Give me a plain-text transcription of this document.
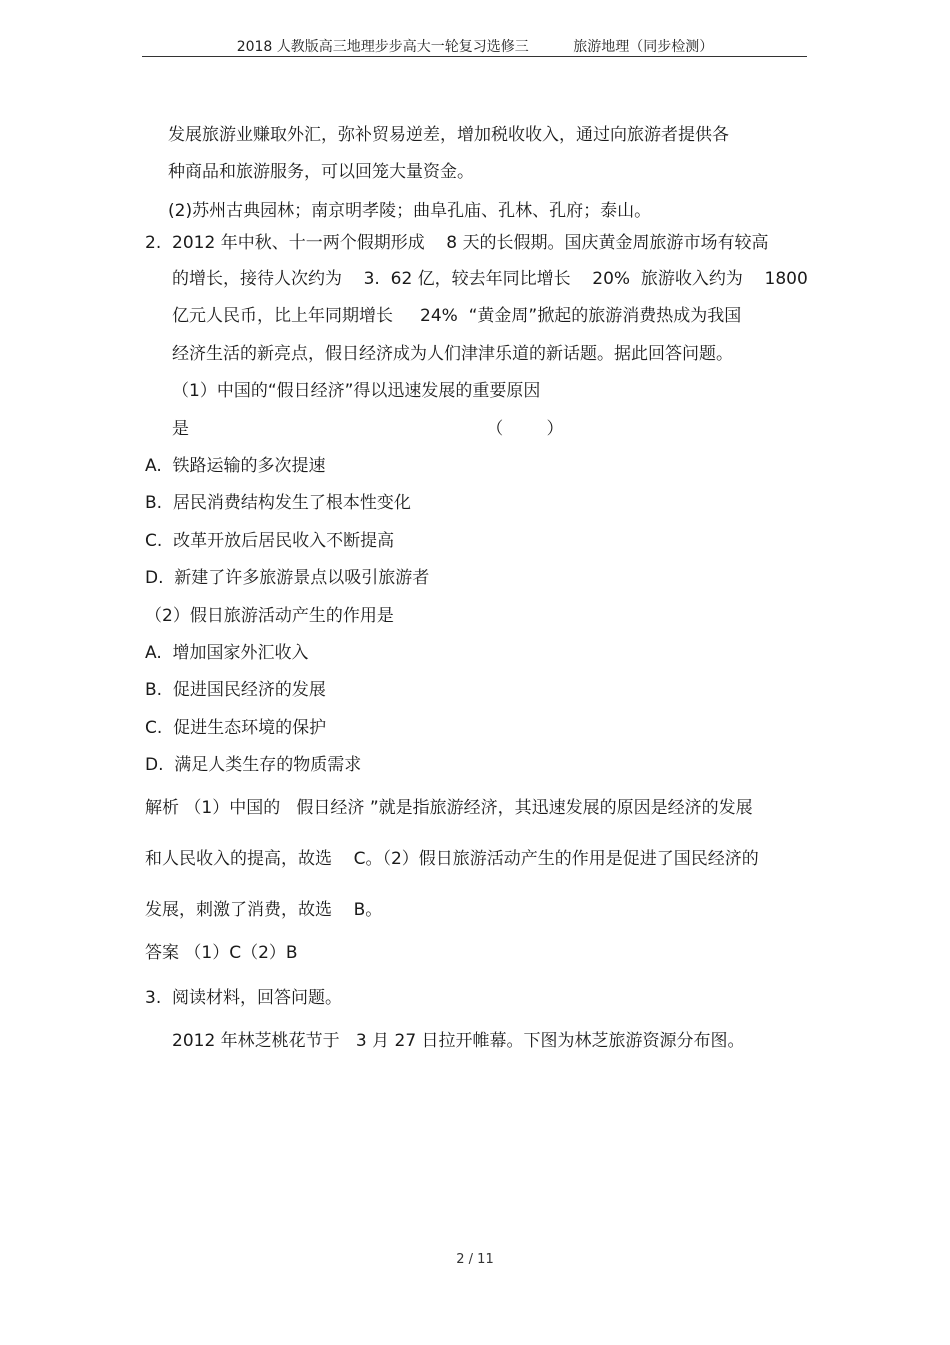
2018 人教版高三地理步步高大一轮复习选修三          旅游地理（同步检测）
发展旅游业赚取外汇，弥补贸易逆差，增加税收收入，通过向旅游者提供各
种商品和旅游服务，可以回笼大量资金。
(2)苏州古典园林；南京明孝陵；曲阜孔庙、孔林、孔府；泰山。
2.  2012 年中秋、十一两个假期形成    8 天的长假期。国庆黄金周旅游市场有较高
的增长，接待人次约为    3.  62 亿，较去年同比增长    20%  旅游收入约为    1800
亿元人民币，比上年同期增长     24%  “黄金周”掀起的旅游消费热成为我国
经济生活的新亮点，假日经济成为人们津津乐道的新话题。据此回答问题。
（1）中国的“假日经济”得以迅速发展的重要原因
是                                                       （        ）
A.  铁路运输的多次提速
B.  居民消费结构发生了根本性变化
C.  改革开放后居民收入不断提高
D.  新建了许多旅游景点以吸引旅游者
（2）假日旅游活动产生的作用是
A.  增加国家外汇收入
B.  促进国民经济的发展
C.  促进生态环境的保护
D.  满足人类生存的物质需求
解析 （1）中国的   假日经济 ”就是指旅游经济，其迅速发展的原因是经济的发展
和人民收入的提高，故选    C。（2）假日旅游活动产生的作用是促进了国民经济的
发展，刺激了消费，故选    B。
答案 （1）C（2）B
3.  阅读材料，回答问题。
2012 年林芝桃花节于   3 月 27 日拉开帷幕。下图为林芝旅游资源分布图。
2 / 11
